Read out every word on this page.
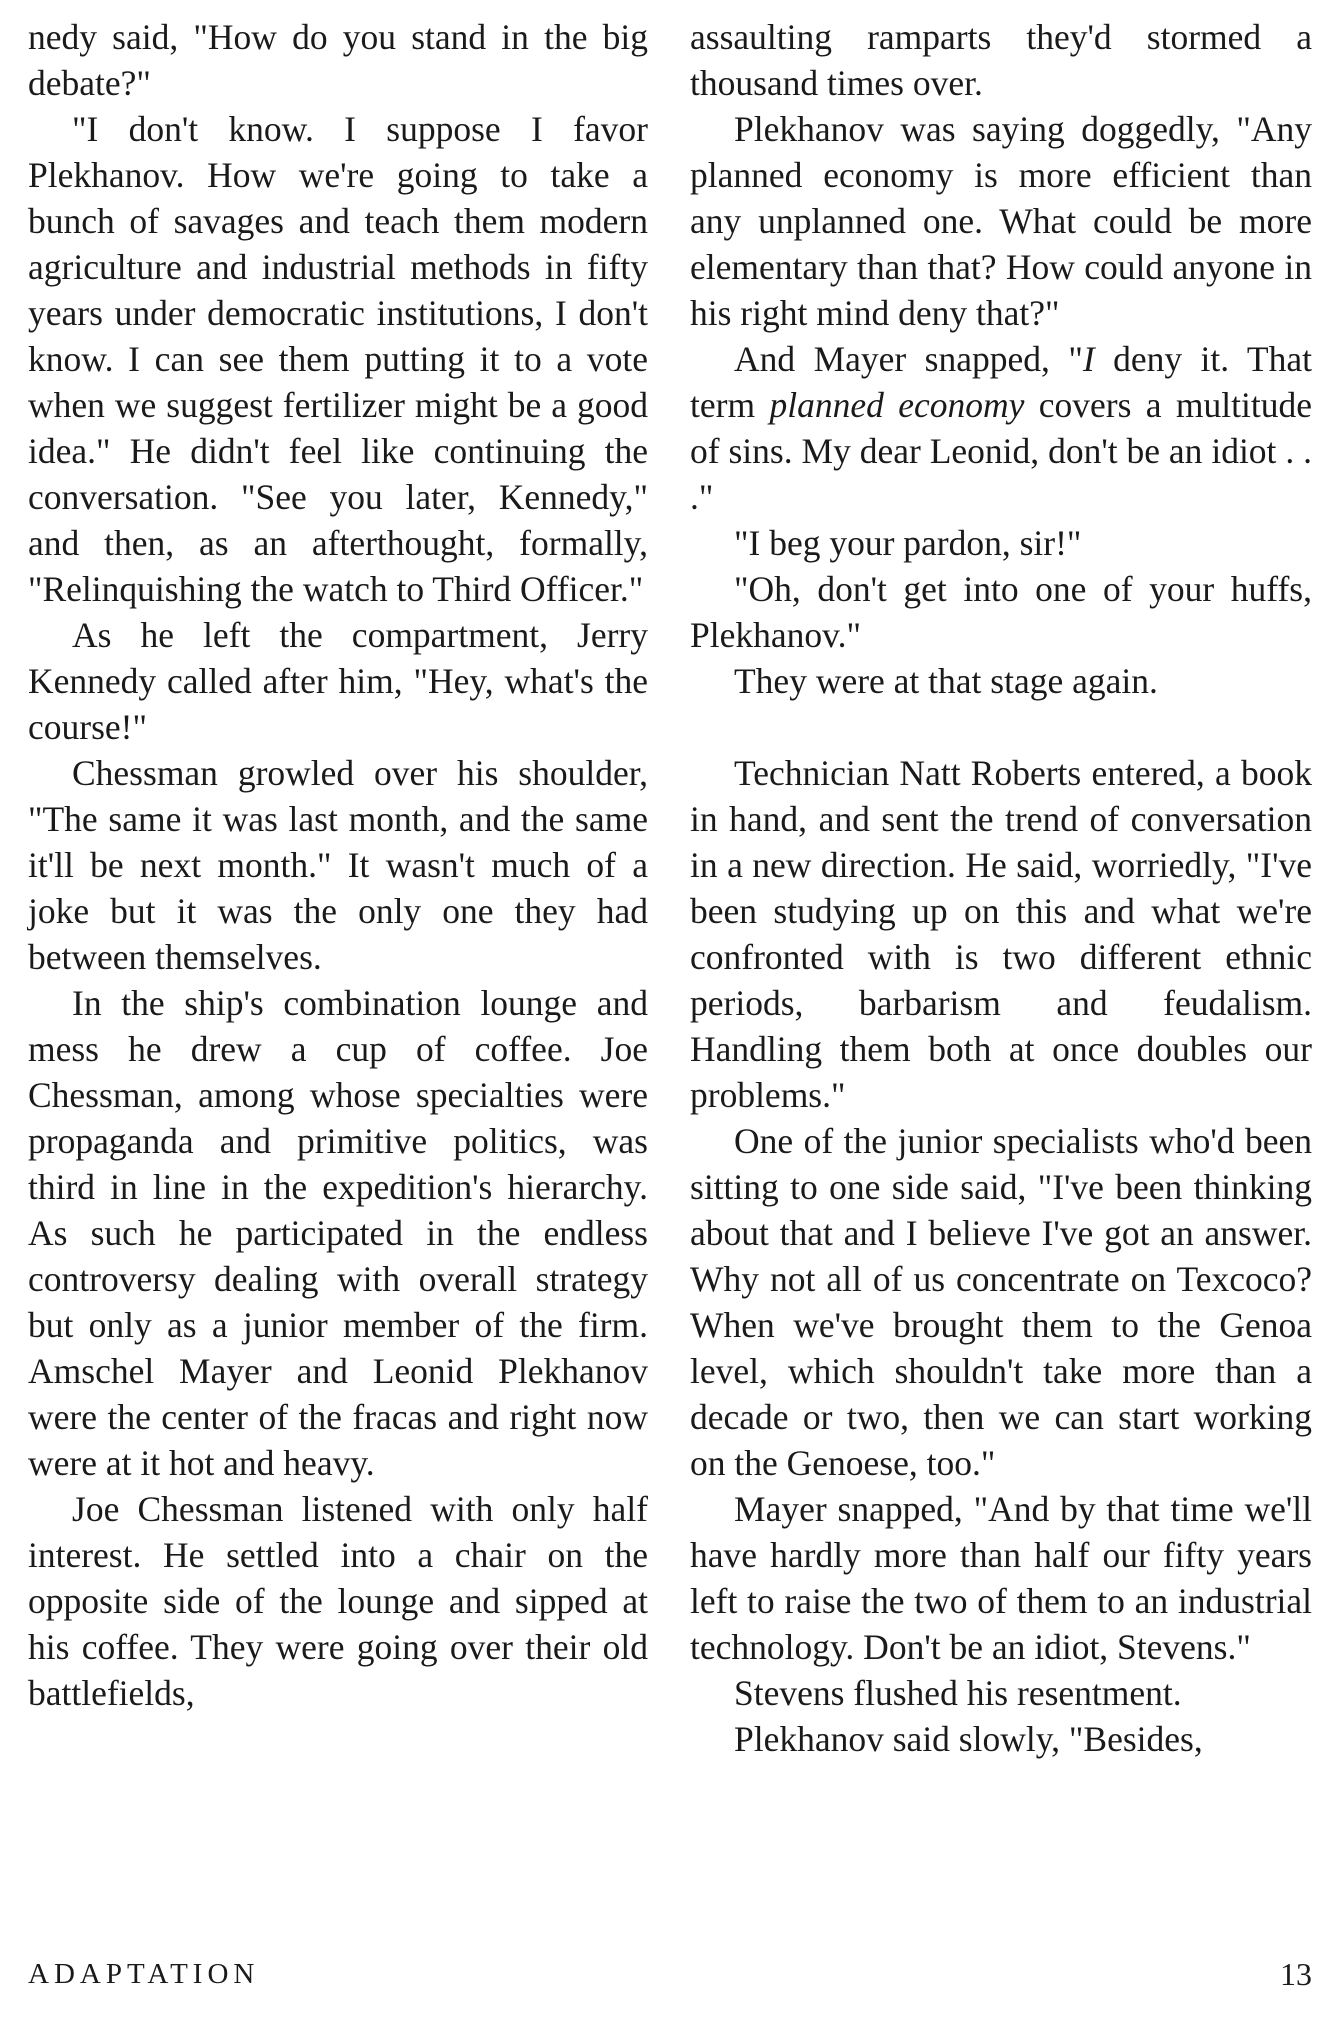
nedy said, "How do you stand in the big debate?"

"I don't know. I suppose I favor Plekhanov. How we're going to take a bunch of savages and teach them modern agriculture and industrial methods in fifty years under democratic institutions, I don't know. I can see them putting it to a vote when we suggest fertilizer might be a good idea." He didn't feel like continuing the conversation. "See you later, Kennedy," and then, as an afterthought, formally, "Relinquishing the watch to Third Officer."

As he left the compartment, Jerry Kennedy called after him, "Hey, what's the course!"

Chessman growled over his shoulder, "The same it was last month, and the same it'll be next month." It wasn't much of a joke but it was the only one they had between themselves.

In the ship's combination lounge and mess he drew a cup of coffee. Joe Chessman, among whose specialties were propaganda and primitive politics, was third in line in the expedition's hierarchy. As such he participated in the endless controversy dealing with overall strategy but only as a junior member of the firm. Amschel Mayer and Leonid Plekhanov were the center of the fracas and right now were at it hot and heavy.

Joe Chessman listened with only half interest. He settled into a chair on the opposite side of the lounge and sipped at his coffee. They were going over their old battlefields,

assaulting ramparts they'd stormed a thousand times over.

Plekhanov was saying doggedly, "Any planned economy is more efficient than any unplanned one. What could be more elementary than that? How could anyone in his right mind deny that?"

And Mayer snapped, "I deny it. That term planned economy covers a multitude of sins. My dear Leonid, don't be an idiot . . ."

"I beg your pardon, sir!"

"Oh, don't get into one of your huffs, Plekhanov."

They were at that stage again.

Technician Natt Roberts entered, a book in hand, and sent the trend of conversation in a new direction. He said, worriedly, "I've been studying up on this and what we're confronted with is two different ethnic periods, barbarism and feudalism. Handling them both at once doubles our problems."

One of the junior specialists who'd been sitting to one side said, "I've been thinking about that and I believe I've got an answer. Why not all of us concentrate on Texcoco? When we've brought them to the Genoa level, which shouldn't take more than a decade or two, then we can start working on the Genoese, too."

Mayer snapped, "And by that time we'll have hardly more than half our fifty years left to raise the two of them to an industrial technology. Don't be an idiot, Stevens."

Stevens flushed his resentment.

Plekhanov said slowly, "Besides,

ADAPTATION	13
